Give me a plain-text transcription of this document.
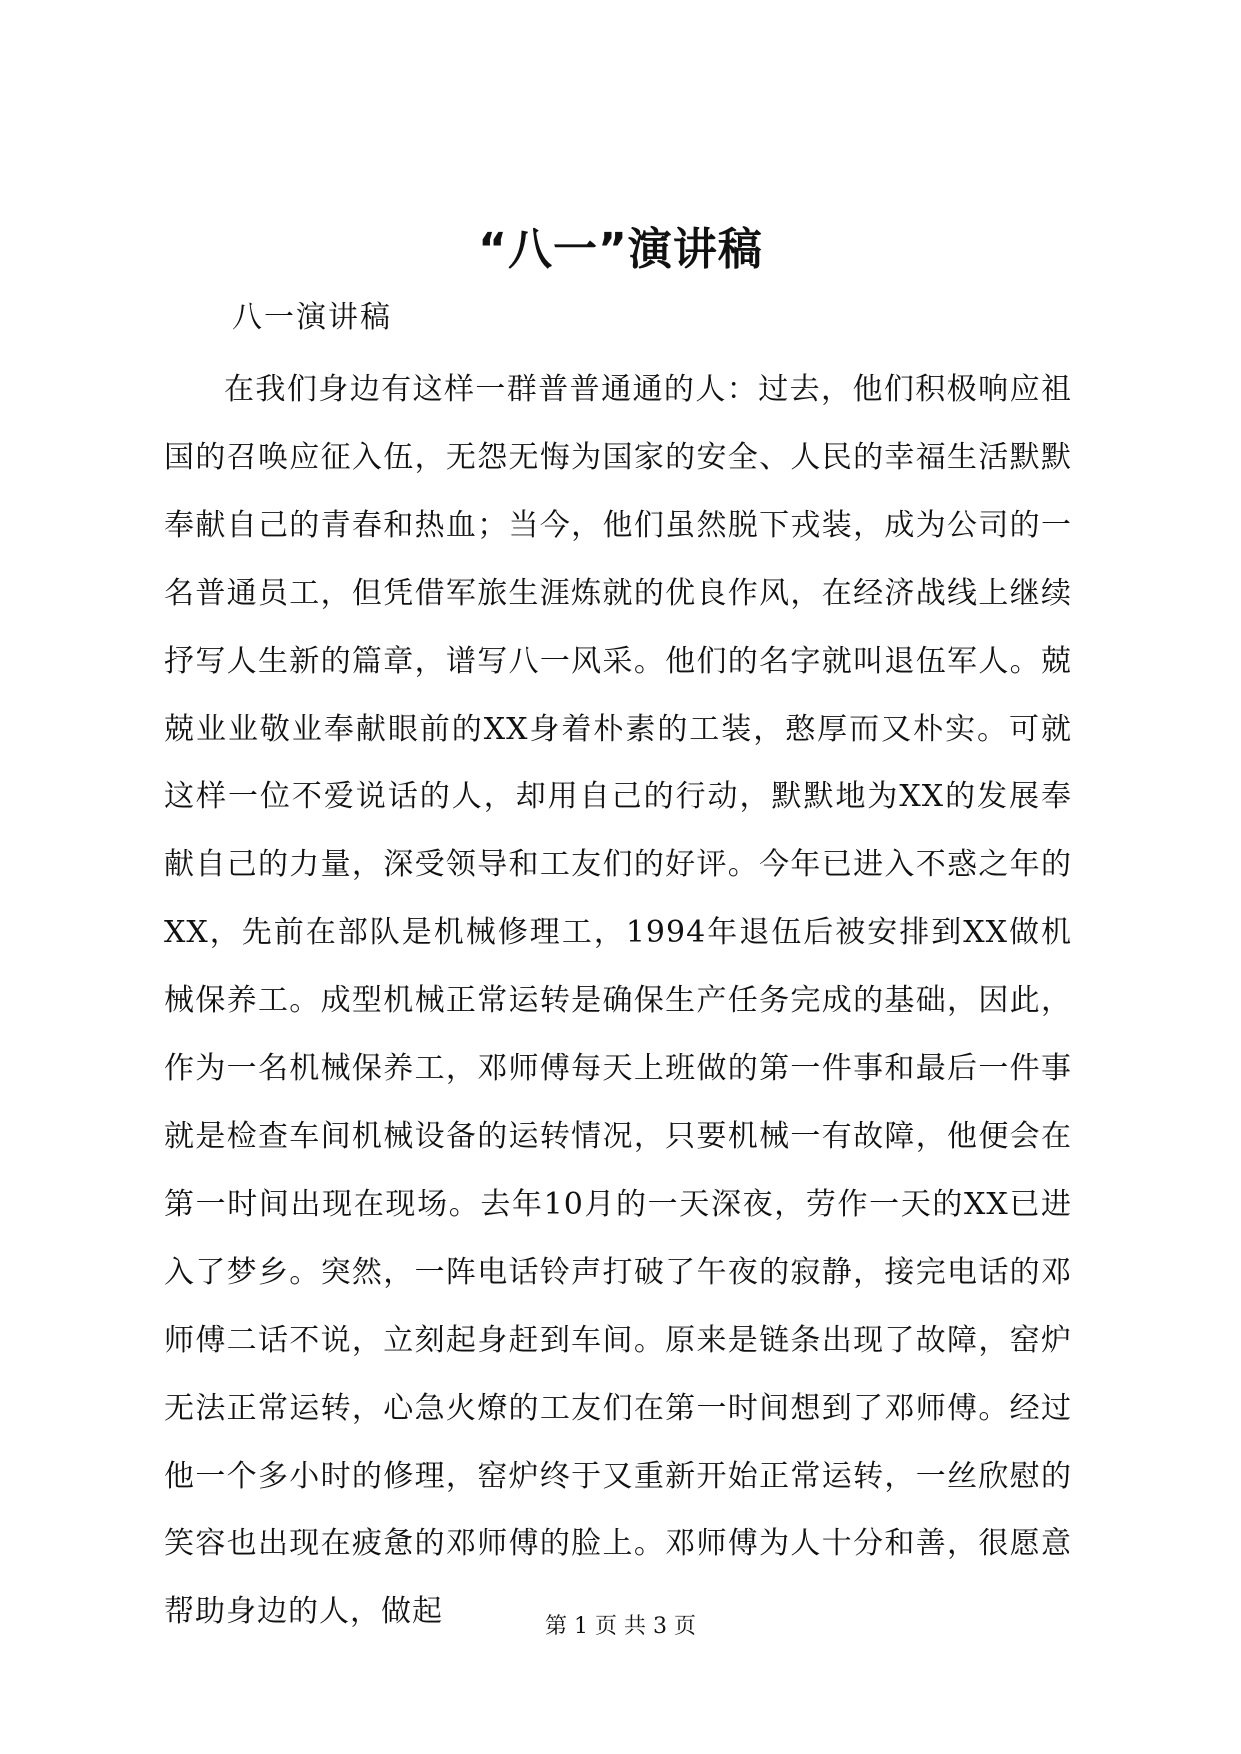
“八一”演讲稿

八一演讲稿

在我们身边有这样一群普普通通的人：过去，他们积极响应祖国的召唤应征入伍，无怨无悔为国家的安全、人民的幸福生活默默奉献自己的青春和热血；当今，他们虽然脱下戎装，成为公司的一名普通员工，但凭借军旅生涯炼就的优良作风，在经济战线上继续抒写人生新的篇章，谱写八一风采。他们的名字就叫退伍军人。兢兢业业敬业奉献眼前的XX身着朴素的工装，憨厚而又朴实。可就这样一位不爱说话的人，却用自己的行动，默默地为XX的发展奉献自己的力量，深受领导和工友们的好评。今年已进入不惑之年的XX，先前在部队是机械修理工，1994年退伍后被安排到XX做机械保养工。成型机械正常运转是确保生产任务完成的基础，因此，作为一名机械保养工，邓师傅每天上班做的第一件事和最后一件事就是检查车间机械设备的运转情况，只要机械一有故障，他便会在第一时间出现在现场。去年10月的一天深夜，劳作一天的XX已进入了梦乡。突然，一阵电话铃声打破了午夜的寂静，接完电话的邓师傅二话不说，立刻起身赶到车间。原来是链条出现了故障，窑炉无法正常运转，心急火燎的工友们在第一时间想到了邓师傅。经过他一个多小时的修理，窑炉终于又重新开始正常运转，一丝欣慰的笑容也出现在疲惫的邓师傅的脸上。邓师傅为人十分和善，很愿意帮助身边的人，做起	第 1 页 共 3 页
